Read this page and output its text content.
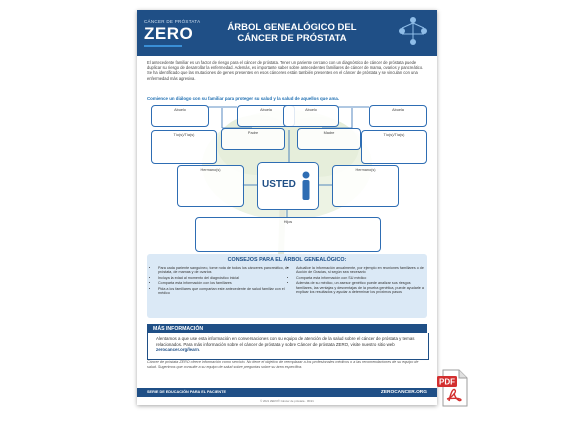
CÁNCER DE PRÓSTATA
ZERO	ÁRBOL GENEALÓGICO DEL
CÁNCER DE PRÓSTATA
El antecedente familiar es un factor de riesgo para el cáncer de próstata. Tener un pariente cercano con un diagnóstico de cáncer de próstata puede duplicar su riesgo de desarrollar la enfermedad. Además, es importante saber sobre antecedentes familiares de cáncer de mama, ovarios y pancreático. Se ha identificado que las mutaciones de genes presentes en esos cánceres están también presentes en el cáncer de próstata y se vinculan con una enfermedad más agresiva.
Comience un diálogo con su familiar para proteger su salud y la salud de aquellos que ama.
Abuelo	Abuela	Abuelo	Abuela
Tío(s)/Tía(s)	Padre	Madre	Tío(s)/Tía(s)
Hermano(s)
USTED
Hermano(s)
Hijos
CONSEJOS PARA EL ÁRBOL GENEALÓGICO:
• Para cada pariente sanguíneo, tome nota de todos los cánceres pancreático, de próstata, de mamas y de ovarios
• Incluya la edad al momento del diagnóstico inicial
• Comparta esta información con los familiares
• Pida a los familiares que compartan este antecedente de salud familiar con el médico
• Actualice la información anualmente, por ejemplo en reuniones familiares o de Acción de Gracias, si según sea necesario
• Comparta esta información con SU médico
• Además de su médico, un asesor genético puede analizar sus riesgos familiares, las ventajas y desventajas de la prueba genética, puede ayudarle a explicar los resultados y ayudar a determinar los próximos pasos
MÁS INFORMACIÓN
Alentamos a que use esta información en conversaciones con su equipo de atención de la salud sobre el cáncer de próstata y temas relacionados. Para más información sobre el cáncer de próstata y sobre Cáncer de próstata ZERO, visite nuestro sitio web zerocancer.org/learn.
Cáncer de próstata ZERO ofrece información como servicio. No tiene el objetivo de reemplazar a los profesionales médicos o a las recomendaciones de su equipo de salud. Sugerimos que consulte a su equipo de salud sobre preguntas sobre su área específica.
SERIE DE EDUCACIÓN PARA EL PACIENTE	ZEROCANCER.ORG
© 2021 ZERO® Cáncer de próstata · 06/21
PDF
